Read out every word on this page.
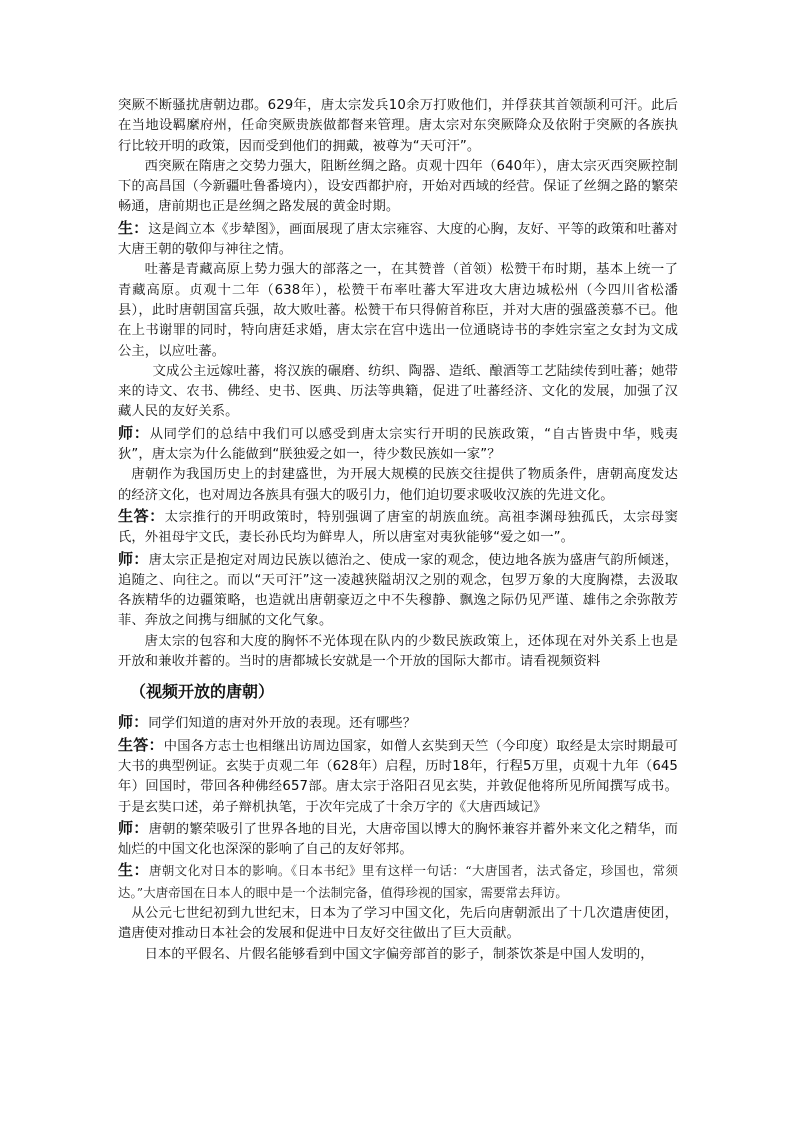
突厥不断骚扰唐朝边郡。629年，唐太宗发兵10余万打败他们，并俘获其首领颉利可汗。此后在当地设羁縻府州，任命突厥贵族做都督来管理。唐太宗对东突厥降众及依附于突厥的各族执行比较开明的政策，因而受到他们的拥戴，被尊为“天可汗”。

西突厥在隋唐之交势力强大，阻断丝绸之路。贞观十四年（640年），唐太宗灭西突厥控制下的高昌国（今新疆吐鲁番境内），设安西都护府，开始对西域的经营。保证了丝绸之路的繁荣畅通，唐前期也正是丝绸之路发展的黄金时期。

生：这是阎立本《步辇图》，画面展现了唐太宗雍容、大度的心胸，友好、平等的政策和吐蕃对大唐王朝的敬仰与神往之情。

吐蕃是青藏高原上势力强大的部落之一，在其赞普（首领）松赞干布时期，基本上统一了青藏高原。贞观十二年（638年），松赞干布率吐蕃大军进攻大唐边城松州（今四川省松潘县），此时唐朝国富兵强，故大败吐蕃。松赞干布只得俯首称臣，并对大唐的强盛羡慕不已。他在上书谢罪的同时，特向唐廷求婚，唐太宗在宫中选出一位通晓诗书的李姓宗室之女封为文成公主，以应吐蕃。

文成公主远嫁吐蕃，将汉族的碾磨、纺织、陶器、造纸、酿酒等工艺陆续传到吐蕃；她带来的诗文、农书、佛经、史书、医典、历法等典籍，促进了吐蕃经济、文化的发展，加强了汉藏人民的友好关系。

师：从同学们的总结中我们可以感受到唐太宗实行开明的民族政策，“自古皆贵中华，贱夷狄”，唐太宗为什么能做到“朕独爱之如一，待少数民族如一家”？

唐朝作为我国历史上的封建盛世，为开展大规模的民族交往提供了物质条件，唐朝高度发达的经济文化，也对周边各族具有强大的吸引力，他们迫切要求吸收汉族的先进文化。

生答：太宗推行的开明政策时，特别强调了唐室的胡族血统。高祖李渊母独孤氏，太宗母窦氏，外祖母宇文氏，妻长孙氏均为鲜卑人，所以唐室对夷狄能够“爱之如一”。

师：唐太宗正是抱定对周边民族以德治之、使成一家的观念，使边地各族为盛唐气韵所倾迷，追随之、向往之。而以“天可汗”这一凌越狭隘胡汉之别的观念，包罗万象的大度胸襟，去汲取各族精华的边疆策略，也造就出唐朝豪迈之中不失穆静、飘逸之际仍见严谨、雄伟之余弥散芳菲、奔放之间携与细腻的文化气象。

唐太宗的包容和大度的胸怀不光体现在队内的少数民族政策上，还体现在对外关系上也是开放和兼收并蓄的。当时的唐都城长安就是一个开放的国际大都市。请看视频资料

（视频开放的唐朝）

师：同学们知道的唐对外开放的表现。还有哪些？

生答：中国各方志士也相继出访周边国家，如僧人玄奘到天竺（今印度）取经是太宗时期最可大书的典型例证。玄奘于贞观二年（628年）启程，历时18年，行程5万里，贞观十九年（645年）回国时，带回各种佛经657部。唐太宗于洛阳召见玄奘，并敦促他将所见所闻撰写成书。于是玄奘口述，弟子辩机执笔，于次年完成了十余万字的《大唐西域记》

师：唐朝的繁荣吸引了世界各地的目光，大唐帝国以博大的胸怀兼容并蓄外来文化之精华，而灿烂的中国文化也深深的影响了自己的友好邻邦。

生：唐朝文化对日本的影响。《日本书纪》里有这样一句话：“大唐国者，法式备定，珍国也，常须达。”大唐帝国在日本人的眼中是一个法制完备，值得珍视的国家，需要常去拜访。

从公元七世纪初到九世纪末，日本为了学习中国文化，先后向唐朝派出了十几次遣唐使团，遣唐使对推动日本社会的发展和促进中日友好交往做出了巨大贡献。

日本的平假名、片假名能够看到中国文字偏旁部首的影子，制茶饮茶是中国人发明的，
